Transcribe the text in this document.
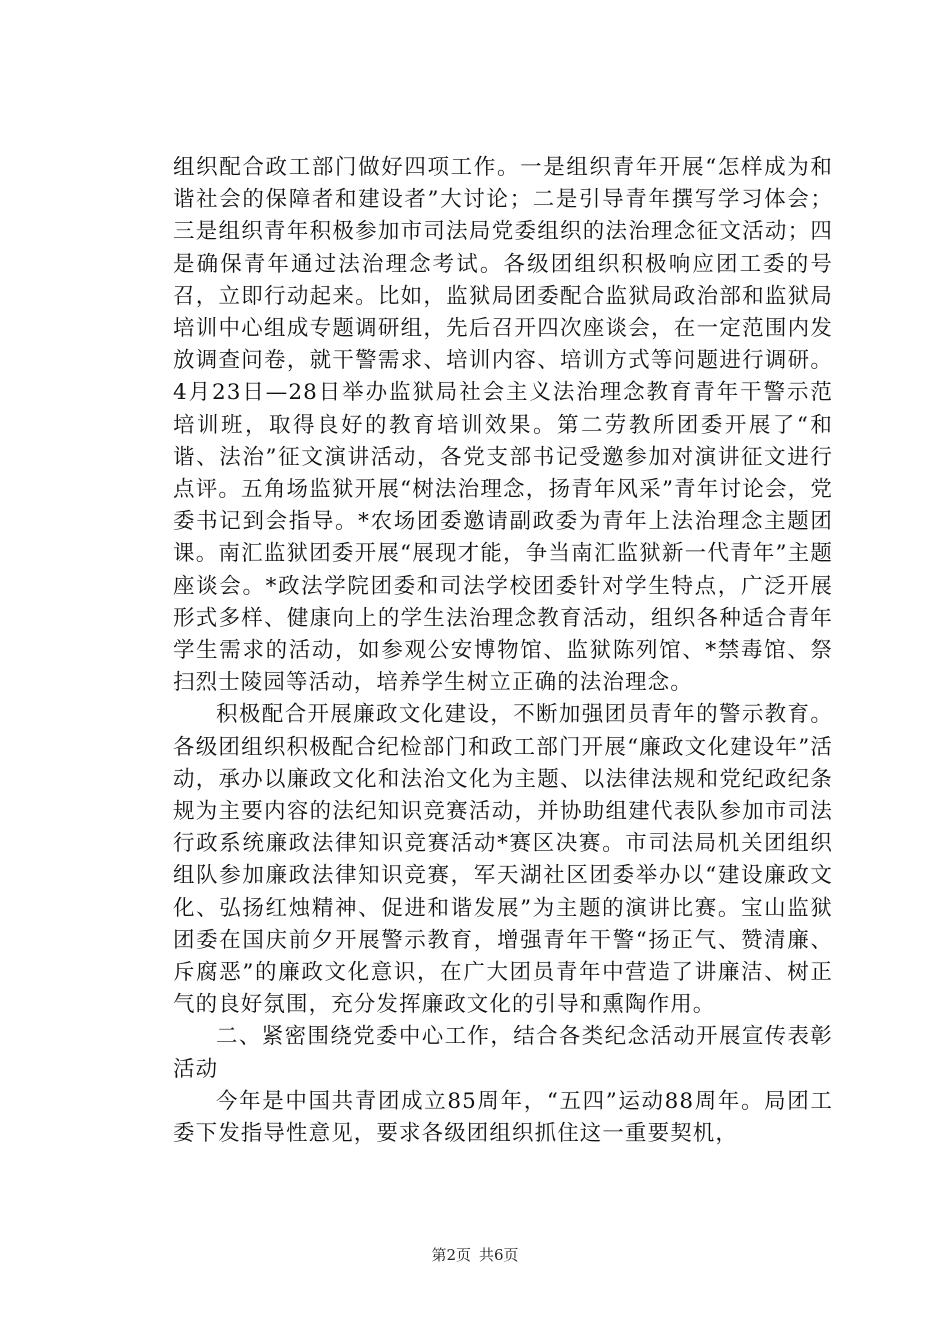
组织配合政工部门做好四项工作。一是组织青年开展“怎样成为和谐社会的保障者和建设者”大讨论；二是引导青年撰写学习体会；三是组织青年积极参加市司法局党委组织的法治理念征文活动；四是确保青年通过法治理念考试。各级团组织积极响应团工委的号召，立即行动起来。比如，监狱局团委配合监狱局政治部和监狱局培训中心组成专题调研组，先后召开四次座谈会，在一定范围内发放调查问卷，就干警需求、培训内容、培训方式等问题进行调研。4月23日—28日举办监狱局社会主义法治理念教育青年干警示范培训班，取得良好的教育培训效果。第二劳教所团委开展了“和谐、法治”征文演讲活动，各党支部书记受邀参加对演讲征文进行点评。五角场监狱开展“树法治理念，扬青年风采”青年讨论会，党委书记到会指导。*农场团委邀请副政委为青年上法治理念主题团课。南汇监狱团委开展“展现才能，争当南汇监狱新一代青年”主题座谈会。*政法学院团委和司法学校团委针对学生特点，广泛开展形式多样、健康向上的学生法治理念教育活动，组织各种适合青年学生需求的活动，如参观公安博物馆、监狱陈列馆、*禁毒馆、祭扫烈士陵园等活动，培养学生树立正确的法治理念。

积极配合开展廉政文化建设，不断加强团员青年的警示教育。各级团组织积极配合纪检部门和政工部门开展“廉政文化建设年”活动，承办以廉政文化和法治文化为主题、以法律法规和党纪政纪条规为主要内容的法纪知识竞赛活动，并协助组建代表队参加市司法行政系统廉政法律知识竞赛活动*赛区决赛。市司法局机关团组织组队参加廉政法律知识竞赛，军天湖社区团委举办以“建设廉政文化、弘扬红烛精神、促进和谐发展”为主题的演讲比赛。宝山监狱团委在国庆前夕开展警示教育，增强青年干警“扬正气、赞清廉、斥腐恶”的廉政文化意识，在广大团员青年中营造了讲廉洁、树正气的良好氛围，充分发挥廉政文化的引导和熏陶作用。

二、紧密围绕党委中心工作，结合各类纪念活动开展宣传表彰活动

今年是中国共青团成立85周年，“五四”运动88周年。局团工委下发指导性意见，要求各级团组织抓住这一重要契机，

第2页 共6页
